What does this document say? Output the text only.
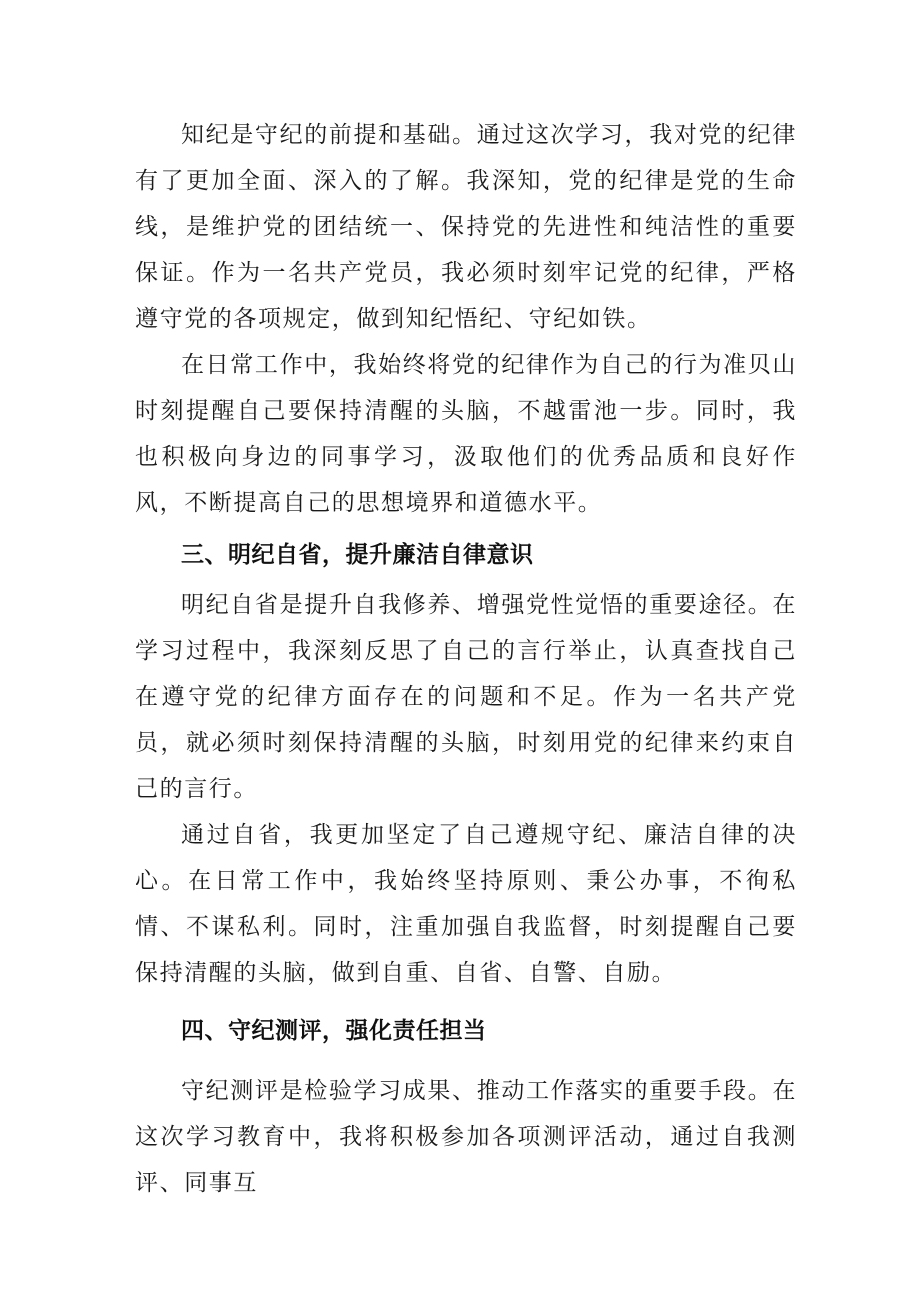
知纪是守纪的前提和基础。通过这次学习，我对党的纪律有了更加全面、深入的了解。我深知，党的纪律是党的生命线，是维护党的团结统一、保持党的先进性和纯洁性的重要保证。作为一名共产党员，我必须时刻牢记党的纪律，严格遵守党的各项规定，做到知纪悟纪、守纪如铁。

在日常工作中，我始终将党的纪律作为自己的行为准贝山时刻提醒自己要保持清醒的头脑，不越雷池一步。同时，我也积极向身边的同事学习，汲取他们的优秀品质和良好作风，不断提高自己的思想境界和道德水平。

三、明纪自省，提升廉洁自律意识

明纪自省是提升自我修养、增强党性觉悟的重要途径。在学习过程中，我深刻反思了自己的言行举止，认真查找自己在遵守党的纪律方面存在的问题和不足。作为一名共产党员，就必须时刻保持清醒的头脑，时刻用党的纪律来约束自己的言行。

通过自省，我更加坚定了自己遵规守纪、廉洁自律的决心。在日常工作中，我始终坚持原则、秉公办事，不徇私情、不谋私利。同时，注重加强自我监督，时刻提醒自己要保持清醒的头脑，做到自重、自省、自警、自励。

四、守纪测评，强化责任担当

守纪测评是检验学习成果、推动工作落实的重要手段。在这次学习教育中，我将积极参加各项测评活动，通过自我测评、同事互
